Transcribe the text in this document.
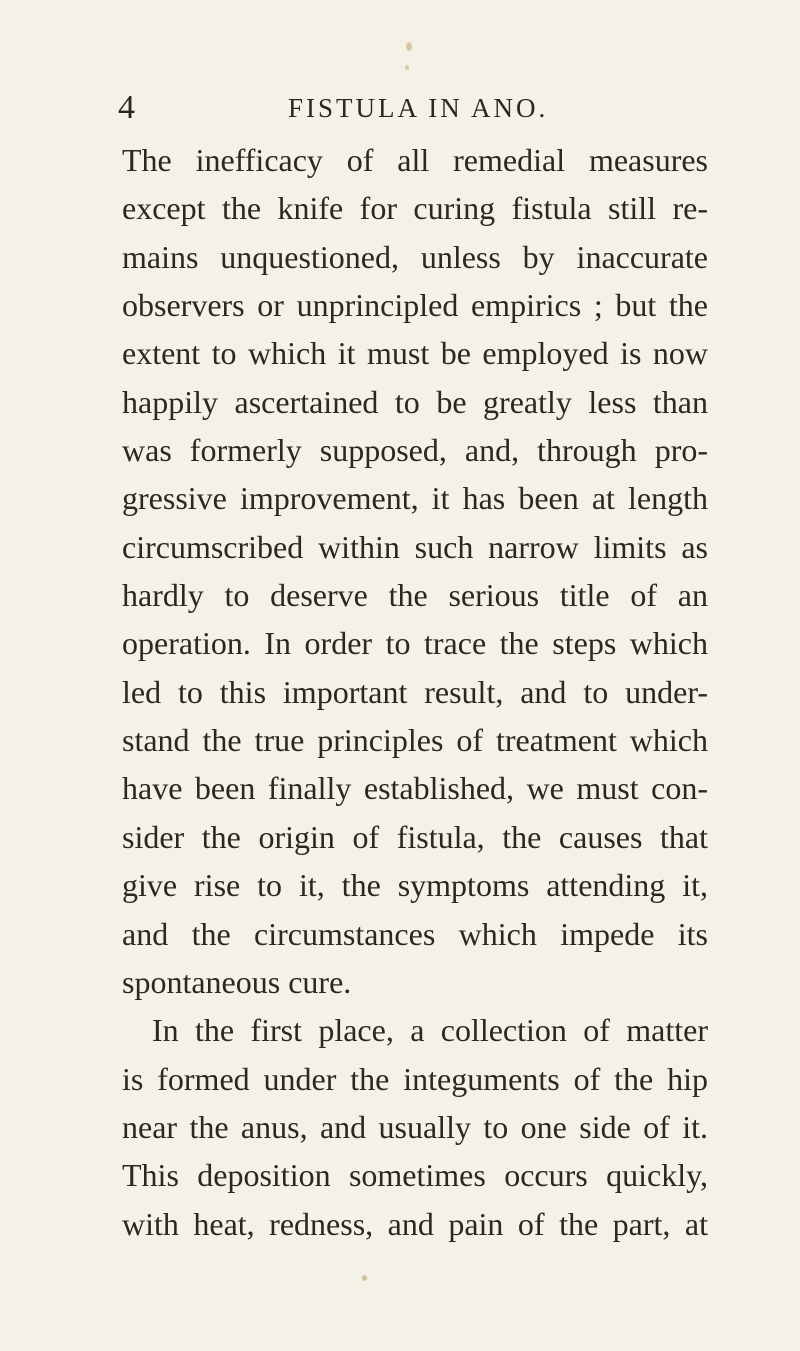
4	FISTULA IN ANO.
The inefficacy of all remedial measures
except the knife for curing fistula still re-
mains unquestioned, unless by inaccurate
observers or unprincipled empirics ; but the
extent to which it must be employed is now
happily ascertained to be greatly less than
was formerly supposed, and, through pro-
gressive improvement, it has been at length
circumscribed within such narrow limits as
hardly to deserve the serious title of an
operation. In order to trace the steps which
led to this important result, and to under-
stand the true principles of treatment which
have been finally established, we must con-
sider the origin of fistula, the causes that
give rise to it, the symptoms attending it,
and the circumstances which impede its
spontaneous cure.
In the first place, a collection of matter
is formed under the integuments of the hip
near the anus, and usually to one side of it.
This deposition sometimes occurs quickly,
with heat, redness, and pain of the part, at
